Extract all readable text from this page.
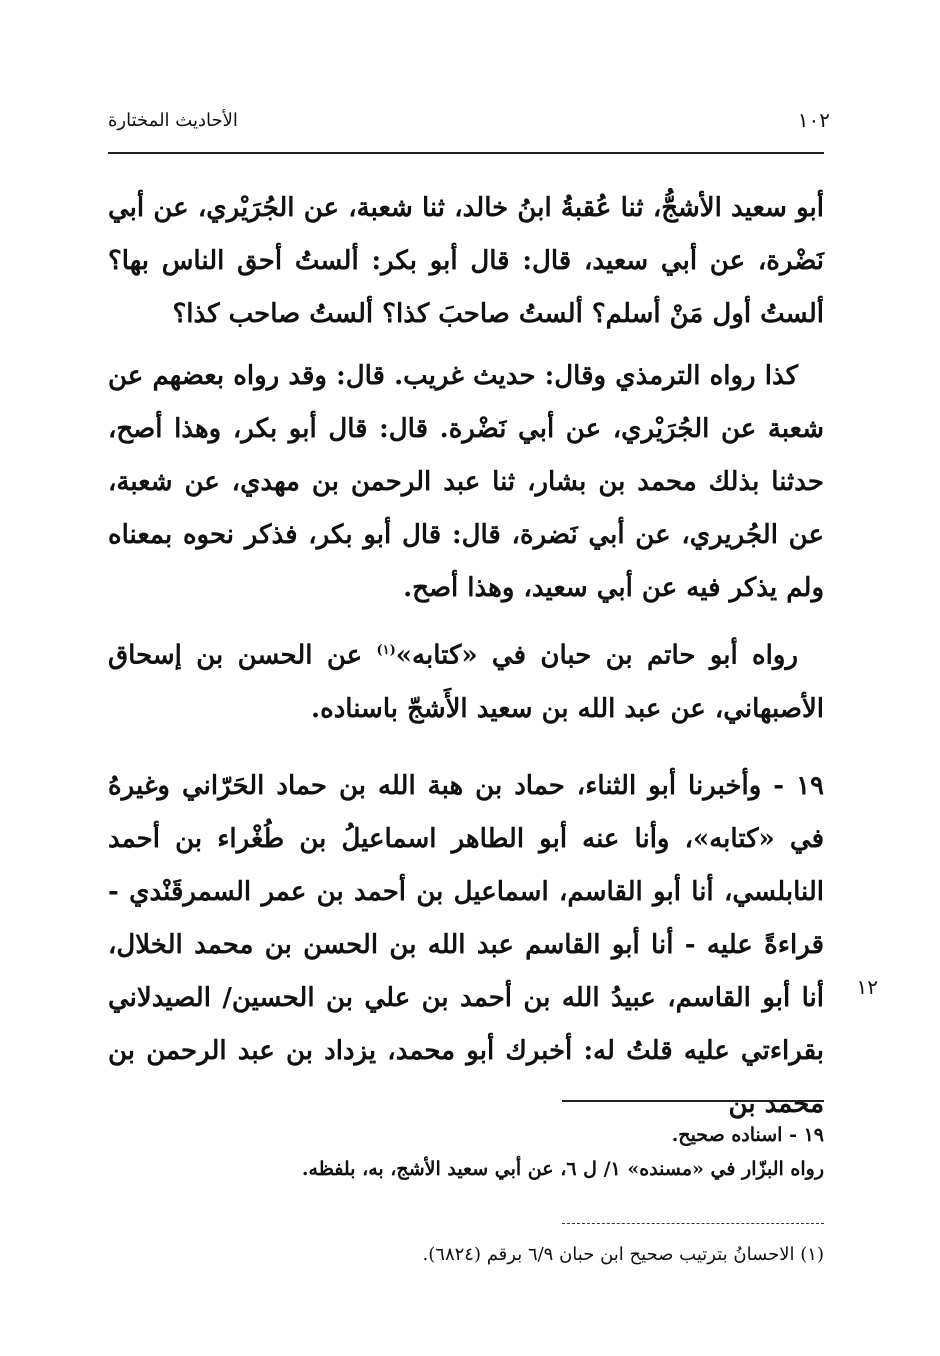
١٠٢
الأحاديث المختارة

أبو سعيد الأشجُّ، ثنا عُقبةُ ابنُ خالد، ثنا شعبة، عن الجُرَيْري، عن أبي نَضْرة، عن أبي سعيد، قال: قال أبو بكر: ألستُ أحق الناس بها؟ ألستُ أول مَنْ أسلم؟ ألستُ صاحبَ كذا؟ ألستُ صاحب كذا؟

كذا رواه الترمذي وقال: حديث غريب. قال: وقد رواه بعضهم عن شعبة عن الجُرَيْري، عن أبي نَضْرة. قال: قال أبو بكر، وهذا أصح، حدثنا بذلك محمد بن بشار، ثنا عبد الرحمن بن مهدي، عن شعبة، عن الجُريري، عن أبي نَضرة، قال: قال أبو بكر، فذكر نحوه بمعناه ولم يذكر فيه عن أبي سعيد، وهذا أصح.

رواه أبو حاتم بن حبان في «كتابه»$^{(١)}$ عن الحسن بن إسحاق الأصبهاني، عن عبد الله بن سعيد الأَشجّ باسناده.

١٩ - وأخبرنا أبو الثناء، حماد بن هبة الله بن حماد الحَرّاني وغيرهُ في «كتابه»، وأنا عنه أبو الطاهر اسماعيلُ بن طُغْراء بن أحمد النابلسي، أنا أبو القاسم، اسماعيل بن أحمد بن عمر السمرقَنْدي - قراءةً عليه - أنا أبو القاسم عبد الله بن الحسن بن محمد الخلال، أنا أبو القاسم، عبيدُ الله بن أحمد بن علي بن الحسين/ الصيدلاني بقراءتي عليه قلتُ له: أخبرك أبو محمد، يزداد بن عبد الرحمن بن محمد بن

١٢
١٩ - اسناده صحيح.
رواه البزّار في «مسنده» ١/ ل ٦، عن أبي سعيد الأشج، به، بلفظه.
(١) الاحسانُ بترتيب صحيح ابن حبان ٦/٩ برقم (٦٨٢٤).
